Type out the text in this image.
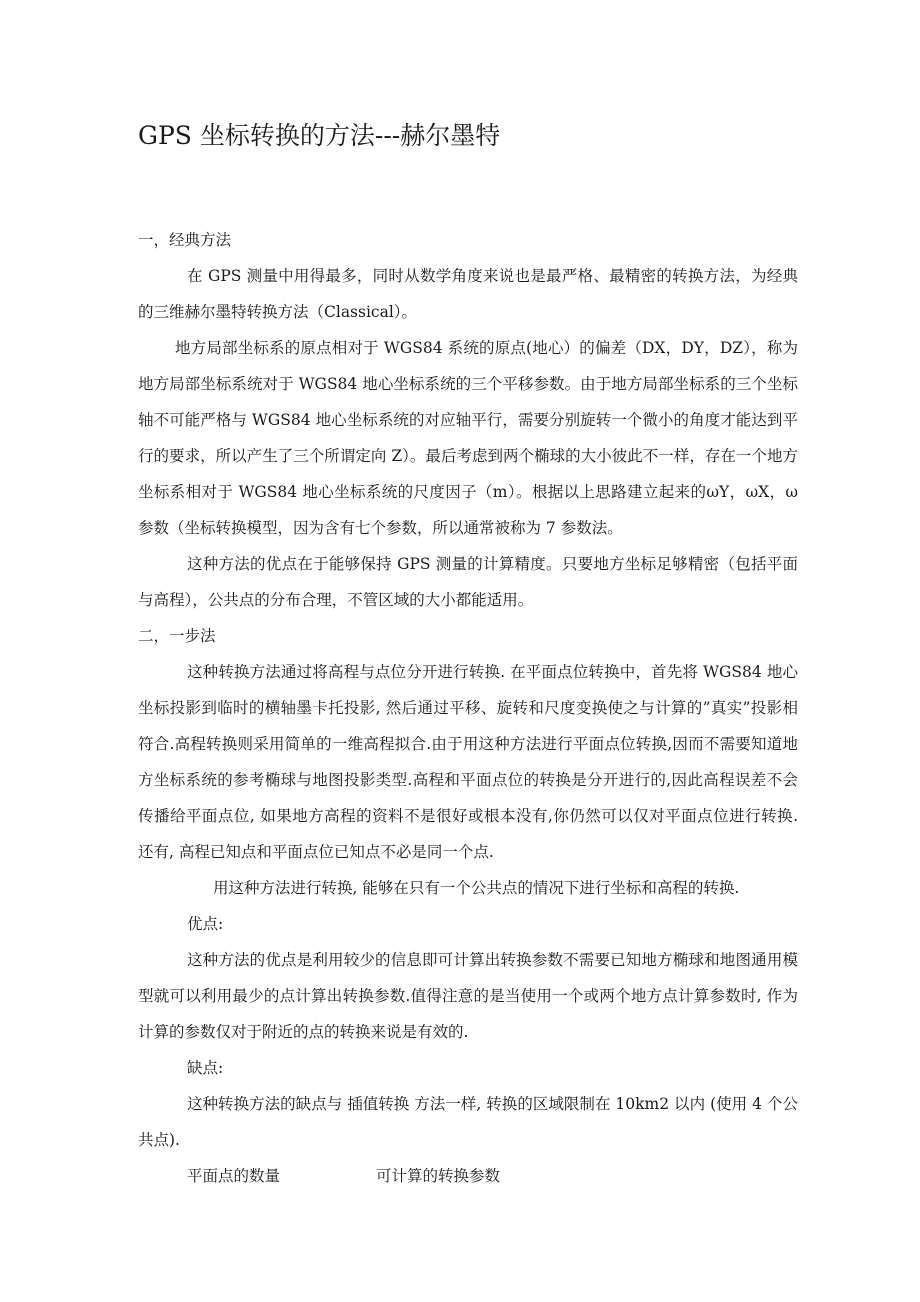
GPS 坐标转换的方法---赫尔墨特
一，经典方法

在 GPS 测量中用得最多，同时从数学角度来说也是最严格、最精密的转换方法，为经典的三维赫尔墨特转换方法（Classical）。

地方局部坐标系的原点相对于 WGS84 系统的原点(地心）的偏差（DX，DY，DZ），称为地方局部坐标系统对于 WGS84 地心坐标系统的三个平移参数。由于地方局部坐标系的三个坐标轴不可能严格与 WGS84 地心坐标系统的对应轴平行，需要分别旋转一个微小的角度才能达到平行的要求，所以产生了三个所谓定向 Z）。最后考虑到两个椭球的大小彼此不一样，存在一个地方坐标系相对于 WGS84 地心坐标系统的尺度因子（m）。根据以上思路建立起来的ωY，ωX，ω参数（坐标转换模型，因为含有七个参数，所以通常被称为 7 参数法。

这种方法的优点在于能够保持 GPS 测量的计算精度。只要地方坐标足够精密（包括平面与高程），公共点的分布合理，不管区域的大小都能适用。

二，一步法

这种转换方法通过将高程与点位分开进行转换. 在平面点位转换中，首先将 WGS84 地心坐标投影到临时的横轴墨卡托投影, 然后通过平移、旋转和尺度变换使之与计算的”真实”投影相符合.高程转换则采用简单的一维高程拟合.由于用这种方法进行平面点位转换,因而不需要知道地方坐标系统的参考椭球与地图投影类型.高程和平面点位的转换是分开进行的,因此高程误差不会传播给平面点位, 如果地方高程的资料不是很好或根本没有,你仍然可以仅对平面点位进行转换. 还有, 高程已知点和平面点位已知点不必是同一个点.

用这种方法进行转换, 能够在只有一个公共点的情况下进行坐标和高程的转换.

优点:

这种方法的优点是利用较少的信息即可计算出转换参数不需要已知地方椭球和地图通用模型就可以利用最少的点计算出转换参数.值得注意的是当使用一个或两个地方点计算参数时, 作为计算的参数仅对于附近的点的转换来说是有效的.

缺点:

这种转换方法的缺点与 插值转换 方法一样, 转换的区域限制在 10km2 以内 (使用 4 个公共点).

平面点的数量	可计算的转换参数
